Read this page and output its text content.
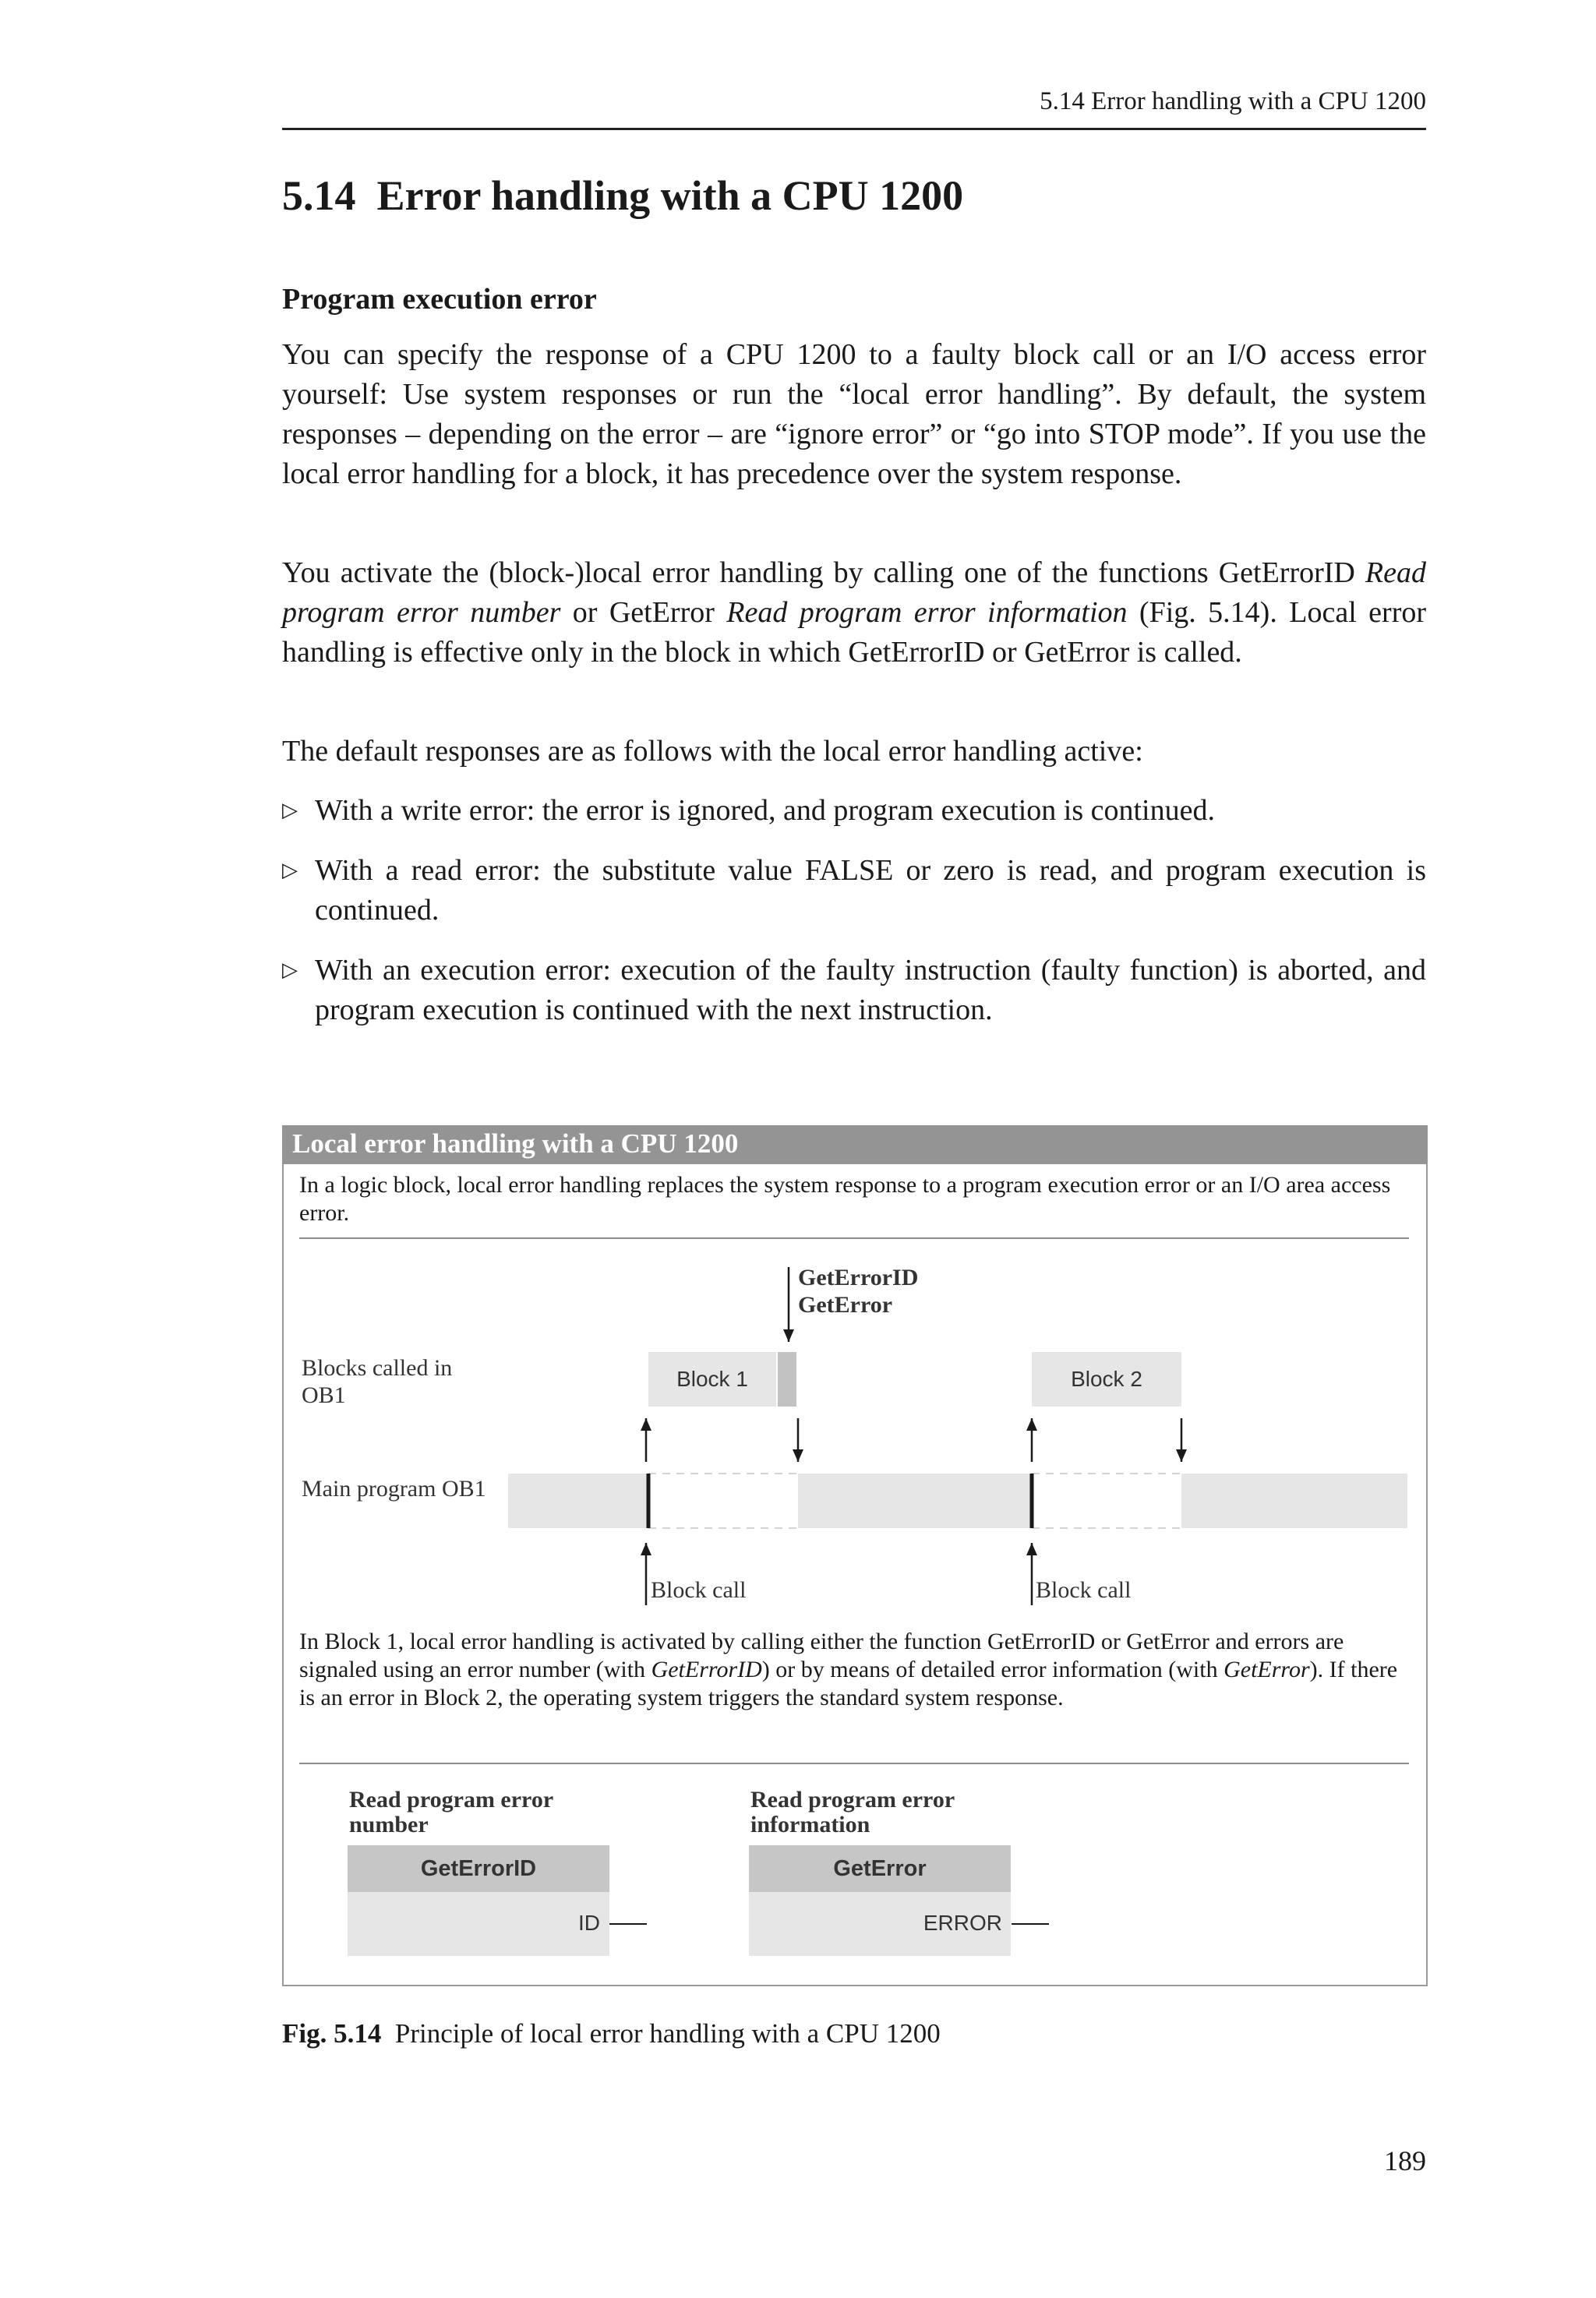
5.14 Error handling with a CPU 1200
5.14 Error handling with a CPU 1200
Program execution error
You can specify the response of a CPU 1200 to a faulty block call or an I/O access error yourself: Use system responses or run the “local error handling”. By default, the system responses – depending on the error – are “ignore error” or “go into STOP mode”. If you use the local error handling for a block, it has precedence over the system response.
You activate the (block-)local error handling by calling one of the functions GetErrorID Read program error number or GetError Read program error information (Fig. 5.14). Local error handling is effective only in the block in which GetErrorID or GetError is called.
The default responses are as follows with the local error handling active:
▷ With a write error: the error is ignored, and program execution is continued.
▷ With a read error: the substitute value FALSE or zero is read, and program execution is continued.
▷ With an execution error: execution of the faulty instruction (faulty function) is aborted, and program execution is continued with the next instruction.
Local error handling with a CPU 1200
In a logic block, local error handling replaces the system response to a program execution error or an I/O area access error.
GetErrorID
GetError
Blocks called in OB1
Main program OB1
Block 1	Block 2
Block call	Block call
In Block 1, local error handling is activated by calling either the function GetErrorID or GetError and errors are signaled using an error number (with GetErrorID) or by means of detailed error information (with GetError). If there is an error in Block 2, the operating system triggers the standard system response.
Read program error number
GetErrorID
ID
Read program error information
GetError
ERROR
Fig. 5.14 Principle of local error handling with a CPU 1200
189
